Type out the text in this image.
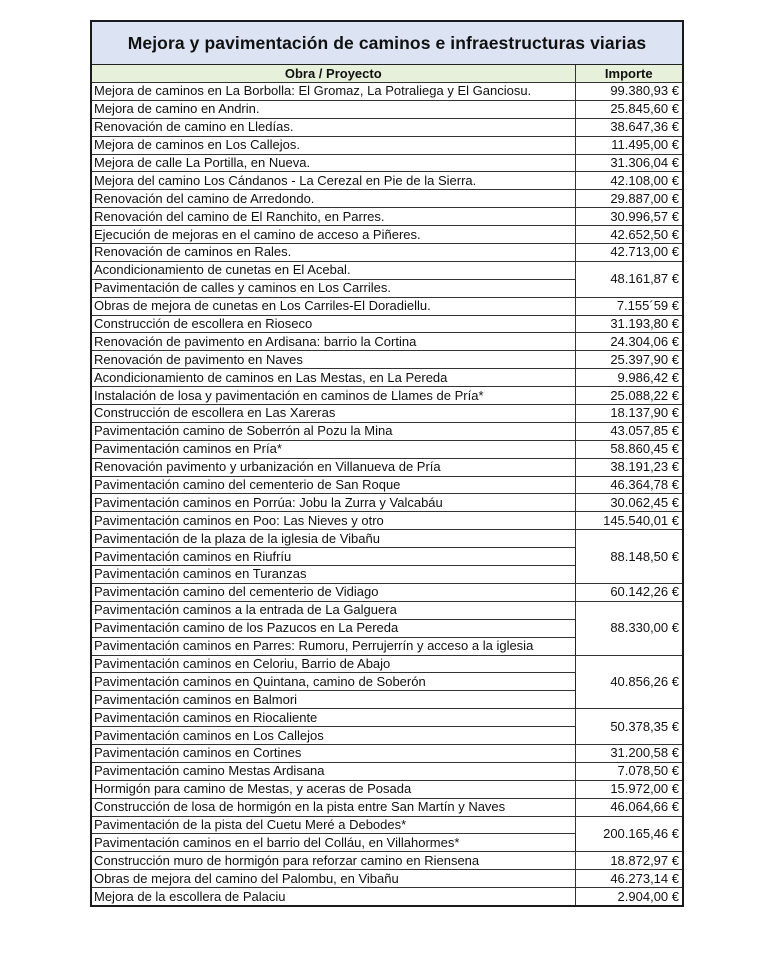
Mejora y pavimentación de caminos e infraestructuras viarias
Obra / Proyecto	Importe
Mejora de caminos en La Borbolla: El Gromaz, La Potraliega y El Ganciosu.	99.380,93 €
Mejora de camino en Andrin.	25.845,60 €
Renovación de camino en Lledías.	38.647,36 €
Mejora de caminos en Los Callejos.	11.495,00 €
Mejora de calle La Portilla, en Nueva.	31.306,04 €
Mejora del camino Los Cándanos - La Cerezal en Pie de la Sierra.	42.108,00 €
Renovación del camino de Arredondo.	29.887,00 €
Renovación del camino de El Ranchito, en Parres.	30.996,57 €
Ejecución de mejoras en el camino de acceso a Piñeres.	42.652,50 €
Renovación de caminos en Rales.	42.713,00 €
Acondicionamiento de cunetas en El Acebal.	48.161,87 €
Pavimentación de calles y caminos en Los Carriles.	
Obras de mejora de cunetas en Los Carriles-El Doradiellu.	7.155´59 €
Construcción de escollera en Rioseco	31.193,80 €
Renovación de pavimento en Ardisana: barrio la Cortina	24.304,06 €
Renovación de pavimento en Naves	25.397,90 €
Acondicionamiento de caminos en Las Mestas, en La Pereda	9.986,42 €
Instalación de losa y pavimentación en caminos de Llames de Pría*	25.088,22 €
Construcción de escollera en Las Xareras	18.137,90 €
Pavimentación camino de Soberrón al Pozu la Mina	43.057,85 €
Pavimentación caminos en Pría*	58.860,45 €
Renovación pavimento y urbanización en Villanueva de Pría	38.191,23 €
Pavimentación camino del cementerio de San Roque	46.364,78 €
Pavimentación caminos en Porrúa: Jobu la Zurra y Valcabáu	30.062,45 €
Pavimentación caminos en Poo: Las Nieves y otro	145.540,01 €
Pavimentación de la plaza de la iglesia de Vibañu	88.148,50 €
Pavimentación caminos en Riufríu	
Pavimentación caminos en Turanzas	
Pavimentación camino del cementerio de Vidiago	60.142,26 €
Pavimentación caminos a la entrada de La Galguera	88.330,00 €
Pavimentación camino de los Pazucos en La Pereda	
Pavimentación caminos en Parres: Rumoru, Perrujerrín y acceso a la iglesia	
Pavimentación caminos en Celoriu, Barrio de Abajo	40.856,26 €
Pavimentación caminos en Quintana, camino de Soberón	
Pavimentación caminos en Balmori	
Pavimentación caminos en Riocaliente	50.378,35 €
Pavimentación caminos en Los Callejos	
Pavimentación caminos en Cortines	31.200,58 €
Pavimentación camino Mestas Ardisana	7.078,50 €
Hormigón para camino de Mestas, y aceras de Posada	15.972,00 €
Construcción de losa de hormigón en la pista entre San Martín y Naves	46.064,66 €
Pavimentación de la pista del Cuetu Meré a Debodes*	200.165,46 €
Pavimentación caminos en el barrio del Colláu, en Villahormes*	
Construcción muro de hormigón para reforzar camino en Riensena	18.872,97 €
Obras de mejora del camino del Palombu, en Vibañu	46.273,14 €
Mejora de la escollera de Palaciu	2.904,00 €
